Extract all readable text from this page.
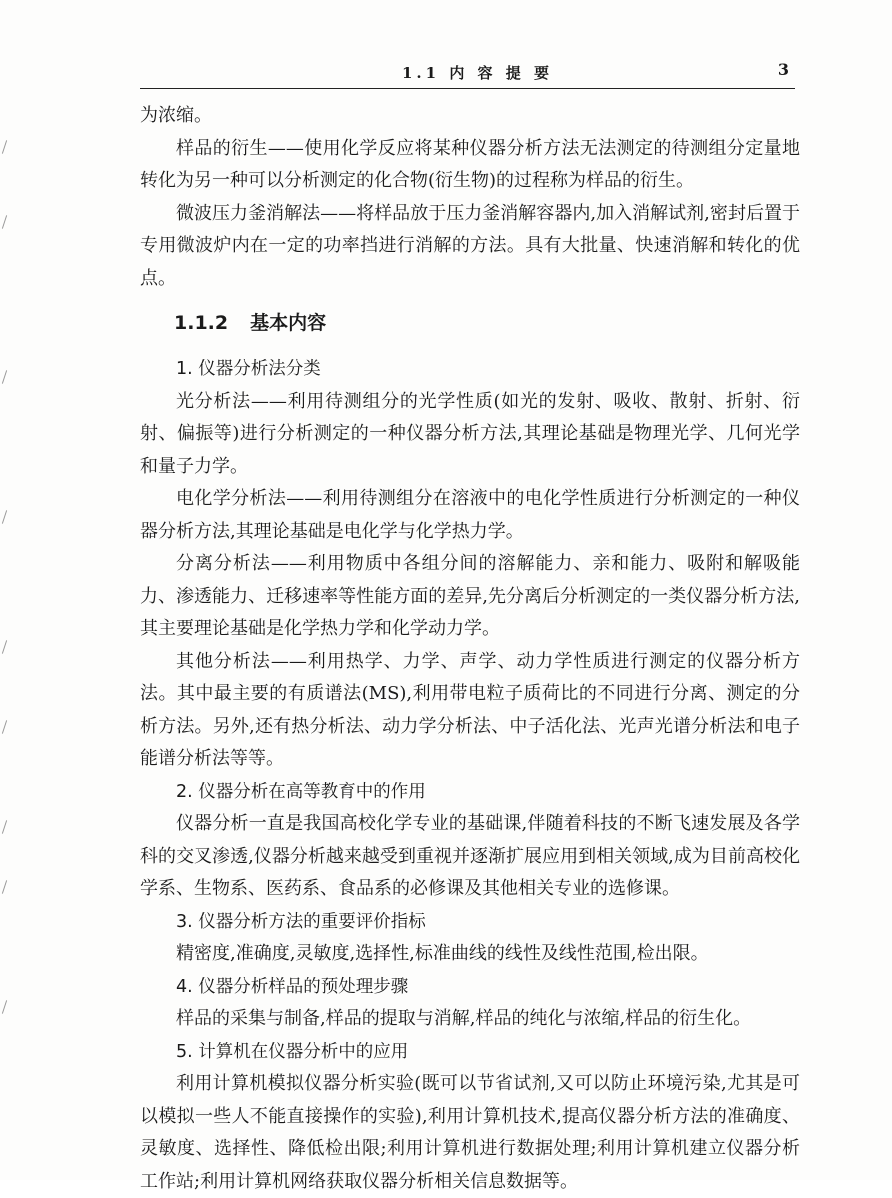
1.1 内 容 提 要	3

为浓缩。

样品的衍生——使用化学反应将某种仪器分析方法无法测定的待测组分定量地转化为另一种可以分析测定的化合物(衍生物)的过程称为样品的衍生。

微波压力釜消解法——将样品放于压力釜消解容器内,加入消解试剂,密封后置于专用微波炉内在一定的功率挡进行消解的方法。具有大批量、快速消解和转化的优点。

1.1.2 基本内容

1. 仪器分析法分类

光分析法——利用待测组分的光学性质(如光的发射、吸收、散射、折射、衍射、偏振等)进行分析测定的一种仪器分析方法,其理论基础是物理光学、几何光学和量子力学。

电化学分析法——利用待测组分在溶液中的电化学性质进行分析测定的一种仪器分析方法,其理论基础是电化学与化学热力学。

分离分析法——利用物质中各组分间的溶解能力、亲和能力、吸附和解吸能力、渗透能力、迁移速率等性能方面的差异,先分离后分析测定的一类仪器分析方法,其主要理论基础是化学热力学和化学动力学。

其他分析法——利用热学、力学、声学、动力学性质进行测定的仪器分析方法。其中最主要的有质谱法(MS),利用带电粒子质荷比的不同进行分离、测定的分析方法。另外,还有热分析法、动力学分析法、中子活化法、光声光谱分析法和电子能谱分析法等等。

2. 仪器分析在高等教育中的作用

仪器分析一直是我国高校化学专业的基础课,伴随着科技的不断飞速发展及各学科的交叉渗透,仪器分析越来越受到重视并逐渐扩展应用到相关领域,成为目前高校化学系、生物系、医药系、食品系的必修课及其他相关专业的选修课。

3. 仪器分析方法的重要评价指标

精密度,准确度,灵敏度,选择性,标准曲线的线性及线性范围,检出限。

4. 仪器分析样品的预处理步骤

样品的采集与制备,样品的提取与消解,样品的纯化与浓缩,样品的衍生化。

5. 计算机在仪器分析中的应用

利用计算机模拟仪器分析实验(既可以节省试剂,又可以防止环境污染,尤其是可以模拟一些人不能直接操作的实验),利用计算机技术,提高仪器分析方法的准确度、灵敏度、选择性、降低检出限;利用计算机进行数据处理;利用计算机建立仪器分析工作站;利用计算机网络获取仪器分析相关信息数据等。
